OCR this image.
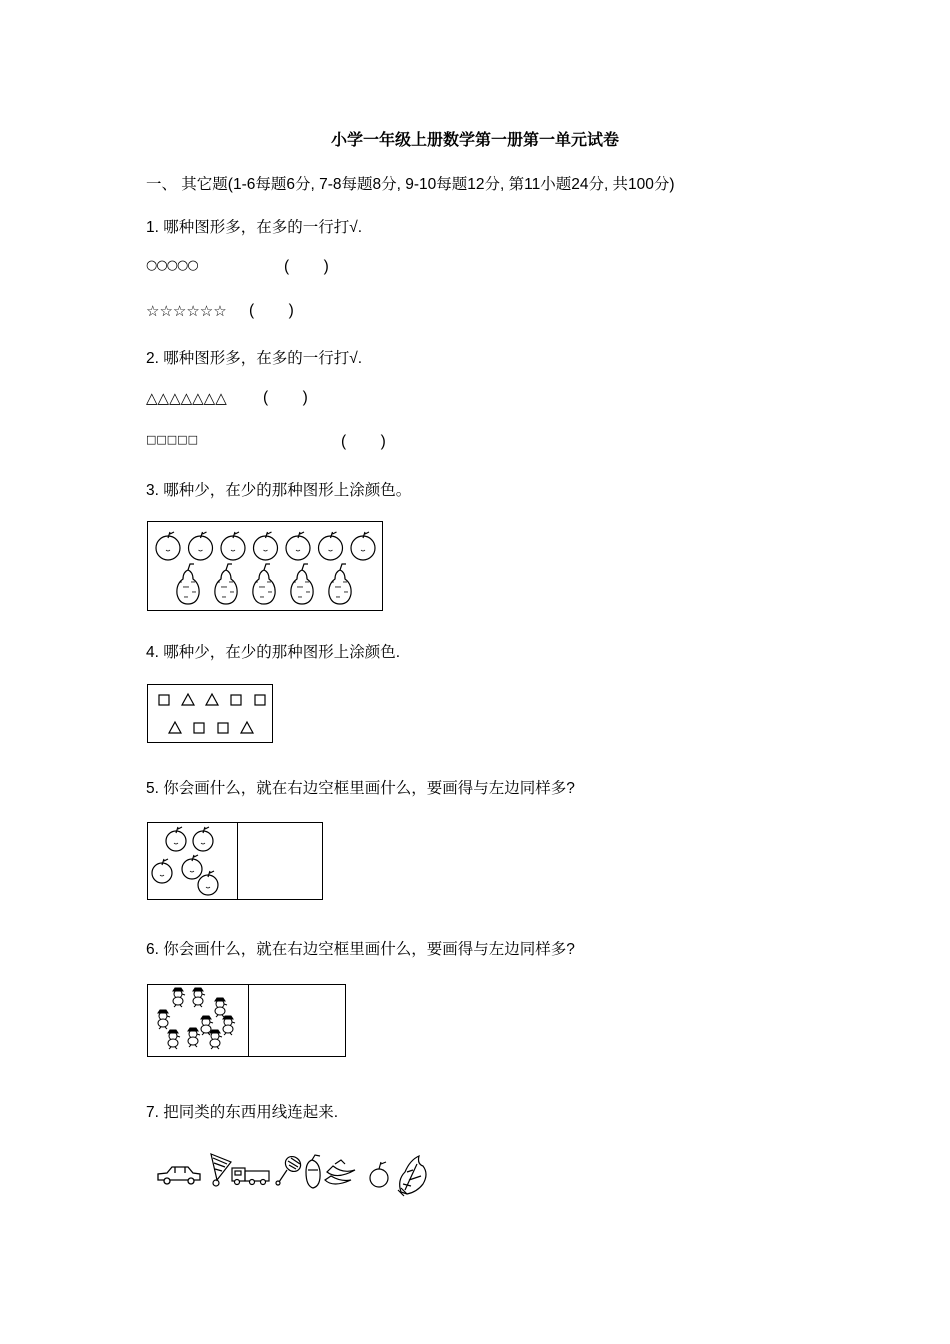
小学一年级上册数学第一册第一单元试卷
一、 其它题(1-6每题6分, 7-8每题8分, 9-10每题12分, 第11小题24分, 共100分)
1. 哪种图形多，在多的一行打√.
○○○○○	(        )
☆☆☆☆☆☆ (        )
2. 哪种图形多，在多的一行打√.
△△△△△△△ (        )
□□□□□	(        )
3. 哪种少，在少的那种图形上涂颜色。
4. 哪种少，在少的那种图形上涂颜色.
5. 你会画什么，就在右边空框里画什么，要画得与左边同样多?
6. 你会画什么，就在右边空框里画什么，要画得与左边同样多?
7. 把同类的东西用线连起来.
